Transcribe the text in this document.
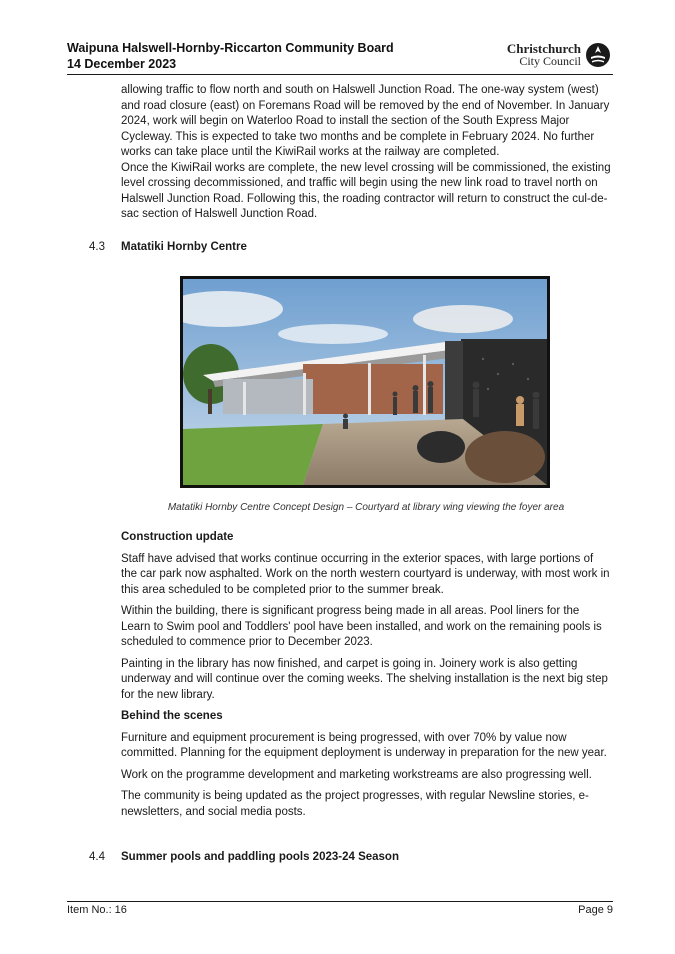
Waipuna Halswell-Hornby-Riccarton Community Board
14 December 2023
Christchurch
City Council

allowing traffic to flow north and south on Halswell Junction Road. The one-way system (west) and road closure (east) on Foremans Road will be removed by the end of November. In January 2024, work will begin on Waterloo Road to install the section of the South Express Major Cycleway. This is expected to take two months and be complete in February 2024. No further works can take place until the KiwiRail works at the railway are completed.

Once the KiwiRail works are complete, the new level crossing will be commissioned, the existing level crossing decommissioned, and traffic will begin using the new link road to travel north on Halswell Junction Road. Following this, the roading contractor will return to construct the cul-de-sac section of Halswell Junction Road.

4.3 Matatiki Hornby Centre
Matatiki Hornby Centre Concept Design – Courtyard at library wing viewing the foyer area

Construction update

Staff have advised that works continue occurring in the exterior spaces, with large portions of the car park now asphalted. Work on the north western courtyard is underway, with most work in this area scheduled to be completed prior to the summer break.

Within the building, there is significant progress being made in all areas. Pool liners for the Learn to Swim pool and Toddlers' pool have been installed, and work on the remaining pools is scheduled to commence prior to December 2023.

Painting in the library has now finished, and carpet is going in. Joinery work is also getting underway and will continue over the coming weeks. The shelving installation is the next big step for the new library.

Behind the scenes

Furniture and equipment procurement is being progressed, with over 70% by value now committed. Planning for the equipment deployment is underway in preparation for the new year.

Work on the programme development and marketing workstreams are also progressing well.

The community is being updated as the project progresses, with regular Newsline stories, e-newsletters, and social media posts.

4.4 Summer pools and paddling pools 2023-24 Season
Item No.: 16	Page 9
